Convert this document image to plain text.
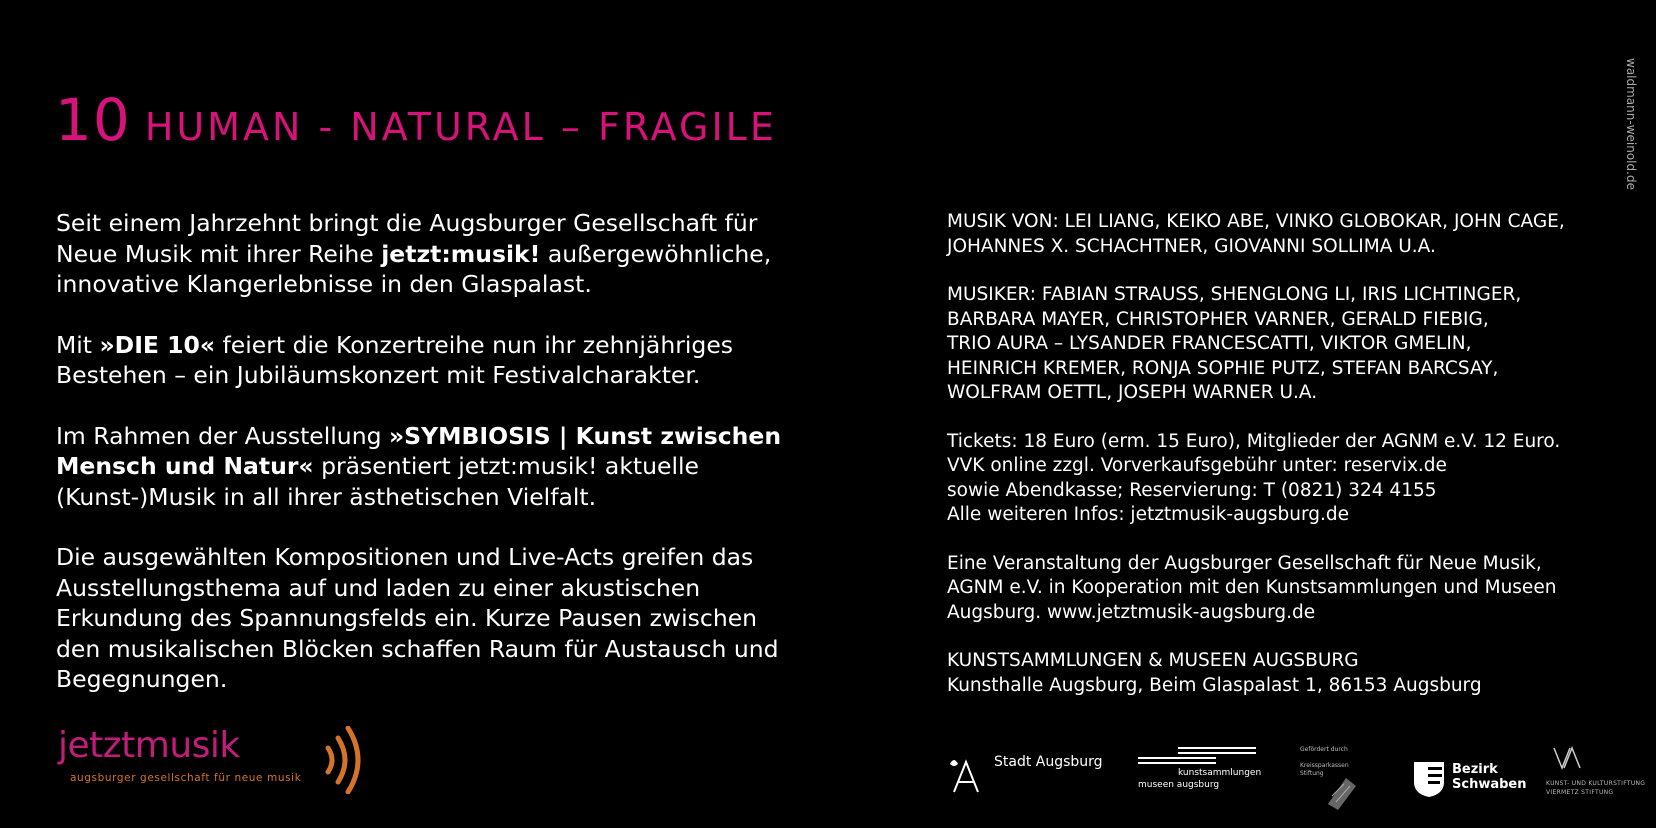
10 HUMAN - NATURAL – FRAGILE	waldmann-weinold.de

Seit einem Jahrzehnt bringt die Augsburger Gesellschaft für Neue Musik mit ihrer Reihe jetzt:musik! außergewöhnliche, innovative Klangerlebnisse in den Glaspalast.

Mit »DIE 10« feiert die Konzertreihe nun ihr zehnjähriges Bestehen – ein Jubiläumskonzert mit Festivalcharakter.

Im Rahmen der Ausstellung »SYMBIOSIS | Kunst zwischen Mensch und Natur« präsentiert jetzt:musik! aktuelle (Kunst-)Musik in all ihrer ästhetischen Vielfalt.

Die ausgewählten Kompositionen und Live-Acts greifen das Ausstellungsthema auf und laden zu einer akustischen Erkundung des Spannungsfelds ein. Kurze Pausen zwischen den musikalischen Blöcken schaffen Raum für Austausch und Begegnungen.

MUSIK VON: LEI LIANG, KEIKO ABE, VINKO GLOBOKAR, JOHN CAGE,
JOHANNES X. SCHACHTNER, GIOVANNI SOLLIMA U.A.

MUSIKER: FABIAN STRAUSS, SHENGLONG LI, IRIS LICHTINGER,
BARBARA MAYER, CHRISTOPHER VARNER, GERALD FIEBIG,
TRIO AURA – LYSANDER FRANCESCATTI, VIKTOR GMELIN,
HEINRICH KREMER, RONJA SOPHIE PUTZ, STEFAN BARCSAY,
WOLFRAM OETTL, JOSEPH WARNER U.A.

Tickets: 18 Euro (erm. 15 Euro), Mitglieder der AGNM e.V. 12 Euro.
VVK online zzgl. Vorverkaufsgebühr unter: reservix.de
sowie Abendkasse; Reservierung: T (0821) 324 4155
Alle weiteren Infos: jetztmusik-augsburg.de

Eine Veranstaltung der Augsburger Gesellschaft für Neue Musik,
AGNM e.V. in Kooperation mit den Kunstsammlungen und Museen
Augsburg. www.jetztmusik-augsburg.de

KUNSTSAMMLUNGEN & MUSEEN AUGSBURG
Kunsthalle Augsburg, Beim Glaspalast 1, 86153 Augsburg

jetztmusik
augsburger gesellschaft für neue musik
Stadt Augsburg
kunstsammlungen
museen augsburg
Gefördert durch
Kreissparkassen Stiftung	Bezirk
Schwaben	KUNST- UND KULTURSTIFTUNG
VIERMETZ STIFTUNG
